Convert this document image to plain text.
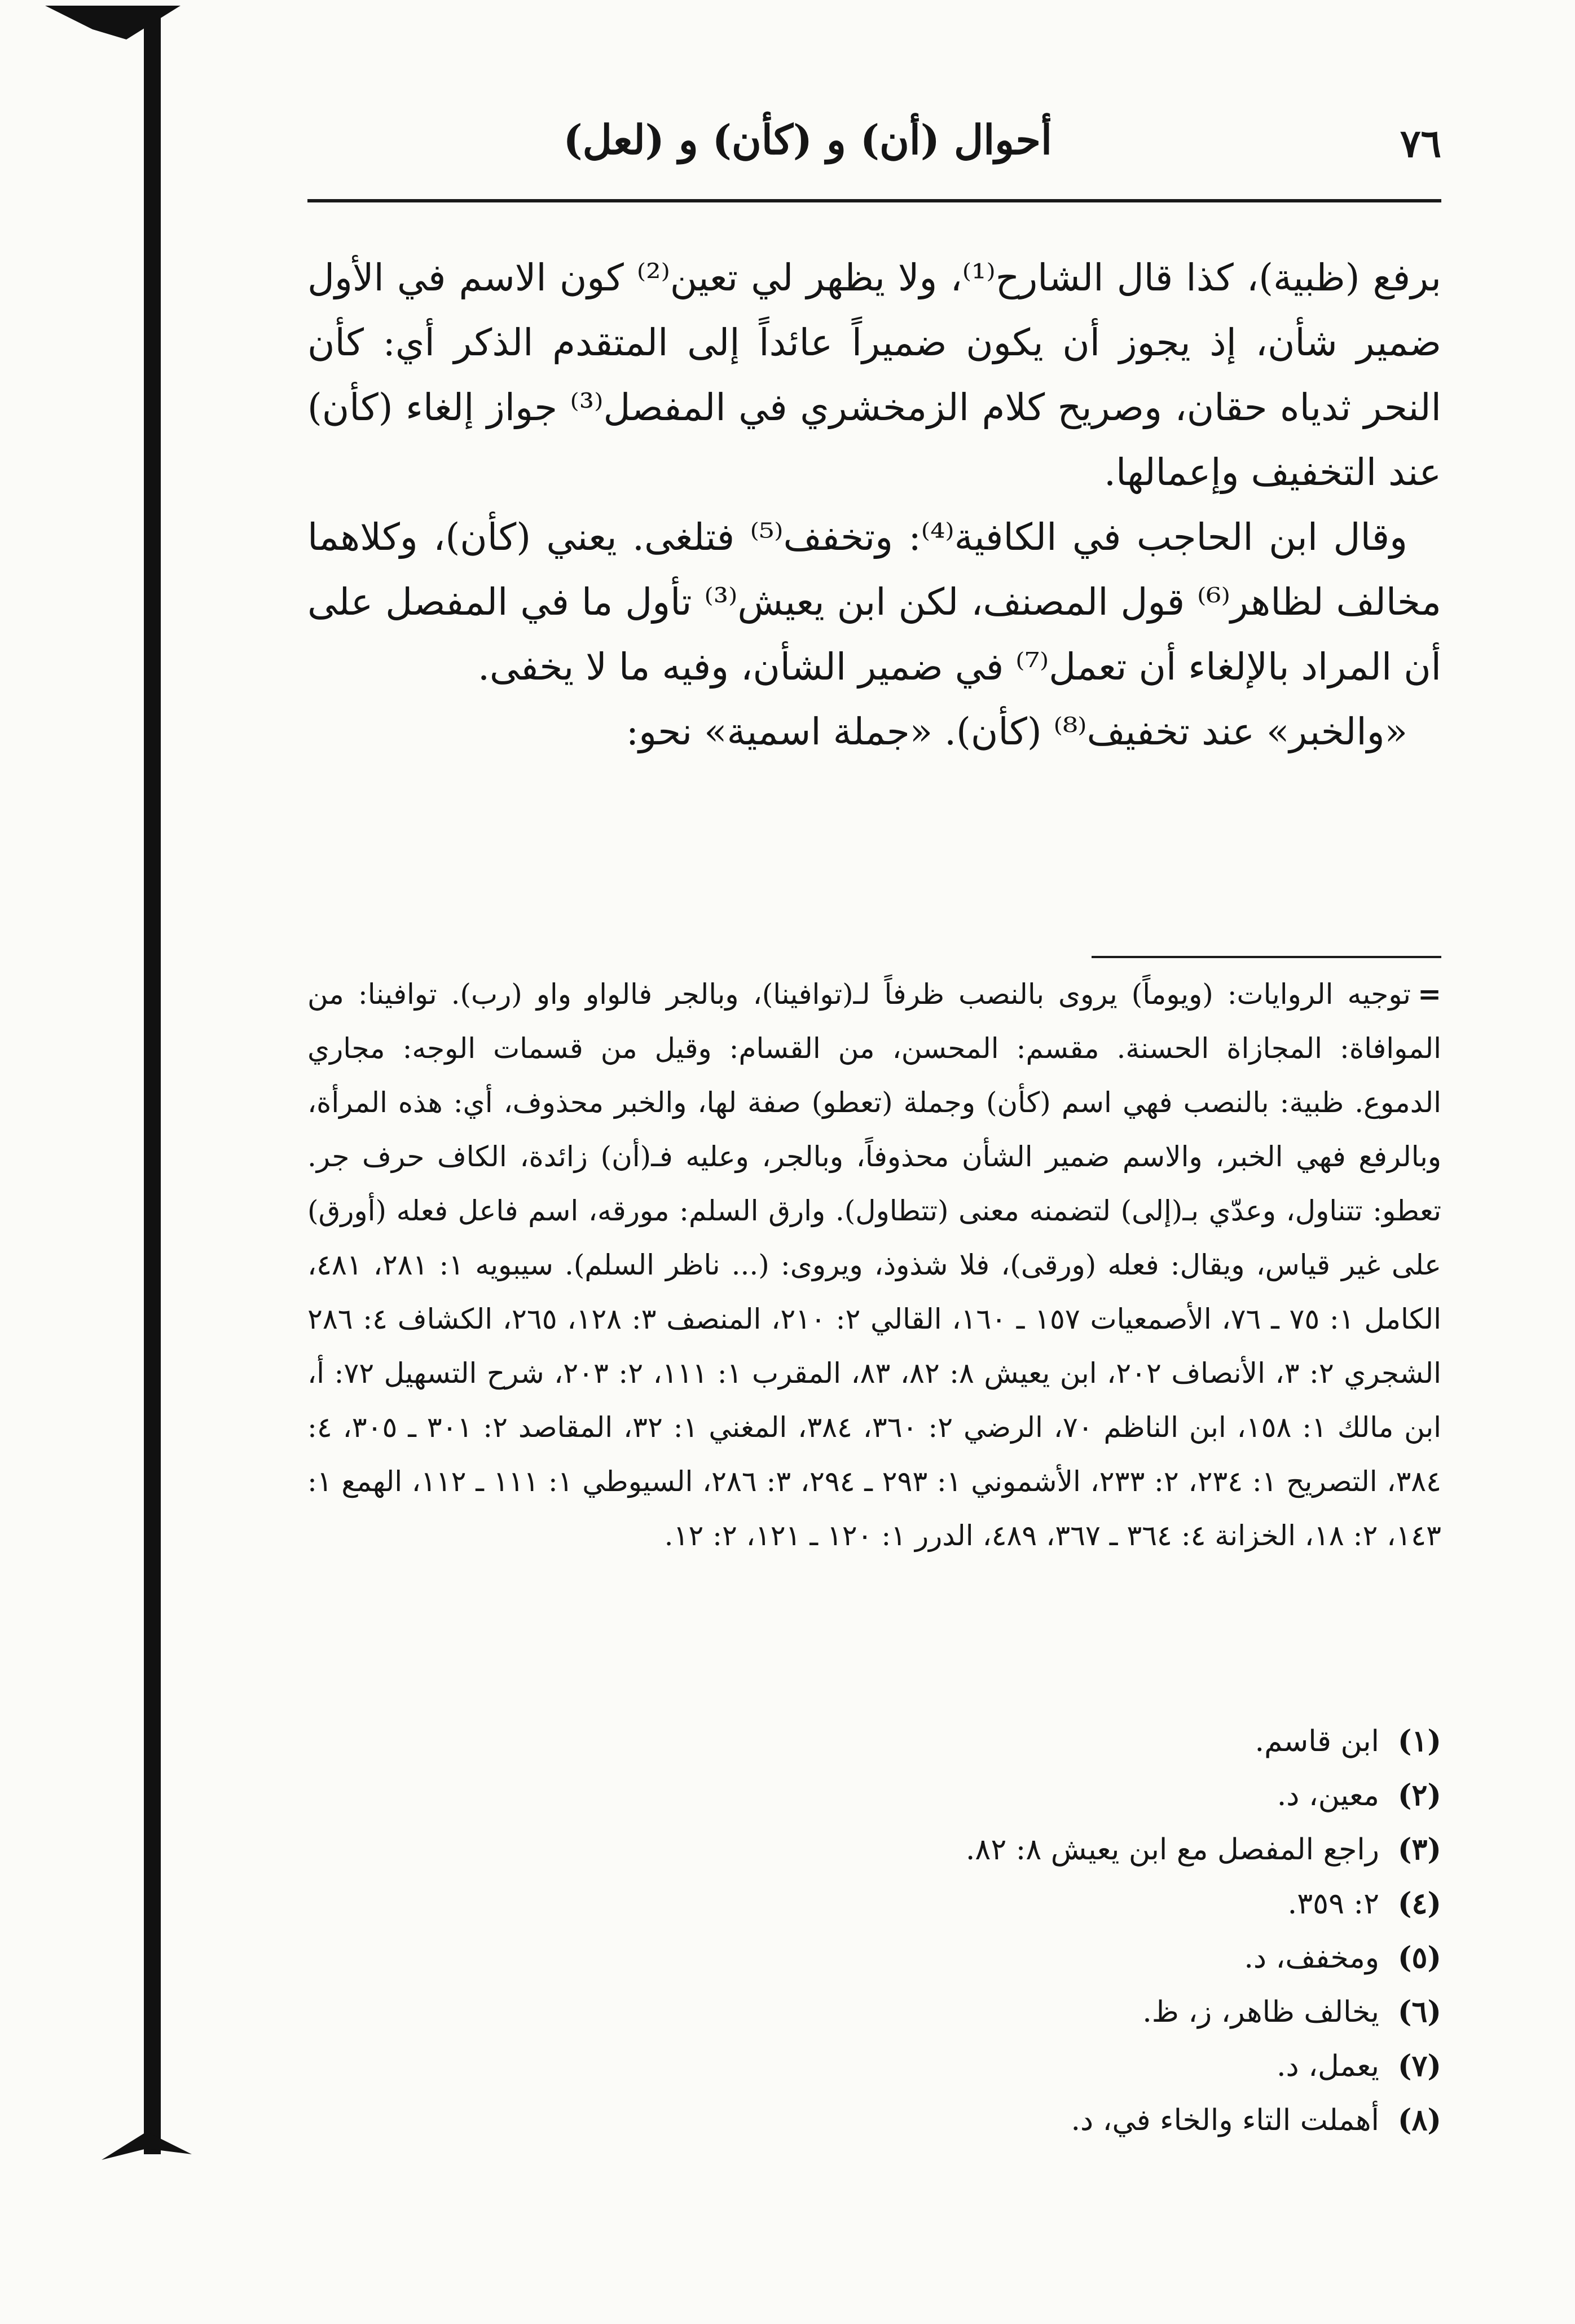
٧٦
أحوال (أن) و (كأن) و (لعل)

برفع (ظبية)، كذا قال الشارح⁽¹⁾، ولا يظهر لي تعين⁽²⁾ كون الاسم في الأول ضمير شأن، إذ يجوز أن يكون ضميراً عائداً إلى المتقدم الذكر أي: كأن النحر ثدياه حقان، وصريح كلام الزمخشري في المفصل⁽³⁾ جواز إلغاء (كأن) عند التخفيف وإعمالها.

وقال ابن الحاجب في الكافية⁽⁴⁾: وتخفف⁽⁵⁾ فتلغى. يعني (كأن)، وكلاهما مخالف لظاهر⁽⁶⁾ قول المصنف، لكن ابن يعيش⁽³⁾ تأول ما في المفصل على أن المراد بالإلغاء أن تعمل⁽⁷⁾ في ضمير الشأن، وفيه ما لا يخفى.

«والخبر» عند تخفيف⁽⁸⁾ (كأن). «جملة اسمية» نحو:

=توجيه الروايات: (ويوماً) يروى بالنصب ظرفاً لـ(توافينا)، وبالجر فالواو واو (رب). توافينا: من الموافاة: المجازاة الحسنة. مقسم: المحسن، من القسام: وقيل من قسمات الوجه: مجاري الدموع. ظبية: بالنصب فهي اسم (كأن) وجملة (تعطو) صفة لها، والخبر محذوف، أي: هذه المرأة، وبالرفع فهي الخبر، والاسم ضمير الشأن محذوفاً، وبالجر، وعليه فـ(أن) زائدة، الكاف حرف جر. تعطو: تتناول، وعدّي بـ(إلى) لتضمنه معنى (تتطاول). وارق السلم: مورقه، اسم فاعل فعله (أورق) على غير قياس، ويقال: فعله (ورقى)، فلا شذوذ، ويروى: (... ناظر السلم). سيبويه ١: ٢٨١، ٤٨١، الكامل ١: ٧٥ ـ ٧٦، الأصمعيات ١٥٧ ـ ١٦٠، القالي ٢: ٢١٠، المنصف ٣: ١٢٨، ٢٦٥، الكشاف ٤: ٢٨٦ الشجري ٢: ٣، الأنصاف ٢٠٢، ابن يعيش ٨: ٨٢، ٨٣، المقرب ١: ١١١، ٢: ٢٠٣، شرح التسهيل ٧٢: أ، ابن مالك ١: ١٥٨، ابن الناظم ٧٠، الرضي ٢: ٣٦٠، ٣٨٤، المغني ١: ٣٢، المقاصد ٢: ٣٠١ ـ ٣٠٥، ٤: ٣٨٤، التصريح ١: ٢٣٤، ٢: ٢٣٣، الأشموني ١: ٢٩٣ ـ ٢٩٤، ٣: ٢٨٦، السيوطي ١: ١١١ ـ ١١٢، الهمع ١: ١٤٣، ٢: ١٨، الخزانة ٤: ٣٦٤ ـ ٣٦٧، ٤٨٩، الدرر ١: ١٢٠ ـ ١٢١، ٢: ١٢.
(١)ابن قاسم.
(٢)معين، د.
(٣)راجع المفصل مع ابن يعيش ٨: ٨٢.
(٤)٢: ٣٥٩.
(٥)ومخفف، د.
(٦)يخالف ظاهر، ز، ظ.
(٧)يعمل، د.
(٨)أهملت التاء والخاء في، د.
